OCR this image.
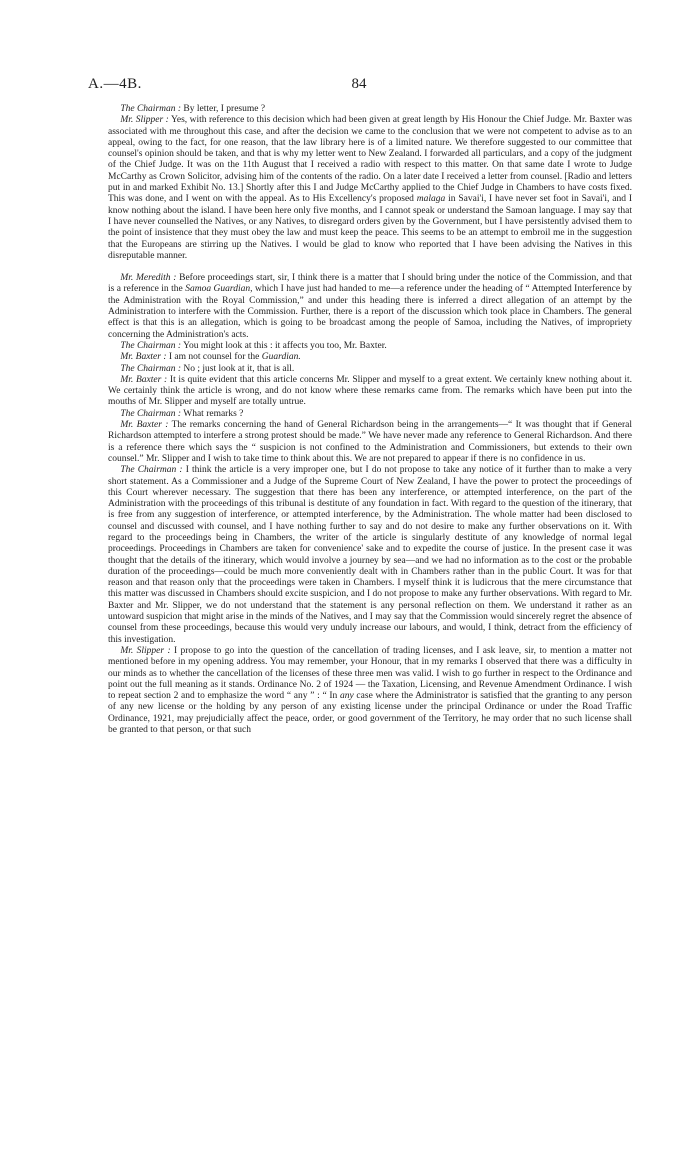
A.—4B.	84

The Chairman : By letter, I presume ?

Mr. Slipper : Yes, with reference to this decision which had been given at great length by His Honour the Chief Judge. Mr. Baxter was associated with me throughout this case, and after the decision we came to the conclusion that we were not competent to advise as to an appeal, owing to the fact, for one reason, that the law library here is of a limited nature. We therefore suggested to our committee that counsel's opinion should be taken, and that is why my letter went to New Zealand. I forwarded all particulars, and a copy of the judgment of the Chief Judge. It was on the 11th August that I received a radio with respect to this matter. On that same date I wrote to Judge McCarthy as Crown Solicitor, advising him of the contents of the radio. On a later date I received a letter from counsel. [Radio and letters put in and marked Exhibit No. 13.] Shortly after this I and Judge McCarthy applied to the Chief Judge in Chambers to have costs fixed. This was done, and I went on with the appeal. As to His Excellency's proposed malaga in Savai'i, I have never set foot in Savai'i, and I know nothing about the island. I have been here only five months, and I cannot speak or understand the Samoan language. I may say that I have never counselled the Natives, or any Natives, to disregard orders given by the Government, but I have persistently advised them to the point of insistence that they must obey the law and must keep the peace. This seems to be an attempt to embroil me in the suggestion that the Europeans are stirring up the Natives. I would be glad to know who reported that I have been advising the Natives in this disreputable manner.

Mr. Meredith : Before proceedings start, sir, I think there is a matter that I should bring under the notice of the Commission, and that is a reference in the Samoa Guardian, which I have just had handed to me—a reference under the heading of “ Attempted Interference by the Administration with the Royal Commission,” and under this heading there is inferred a direct allegation of an attempt by the Administration to interfere with the Commission. Further, there is a report of the discussion which took place in Chambers. The general effect is that this is an allegation, which is going to be broadcast among the people of Samoa, including the Natives, of impropriety concerning the Administration's acts.

The Chairman : You might look at this : it affects you too, Mr. Baxter.

Mr. Baxter : I am not counsel for the Guardian.

The Chairman : No ; just look at it, that is all.

Mr. Baxter : It is quite evident that this article concerns Mr. Slipper and myself to a great extent. We certainly knew nothing about it. We certainly think the article is wrong, and do not know where these remarks came from. The remarks which have been put into the mouths of Mr. Slipper and myself are totally untrue.

The Chairman : What remarks ?

Mr. Baxter : The remarks concerning the hand of General Richardson being in the arrangements—“ It was thought that if General Richardson attempted to interfere a strong protest should be made.” We have never made any reference to General Richardson. And there is a reference there which says the “ suspicion is not confined to the Administration and Commissioners, but extends to their own counsel.” Mr. Slipper and I wish to take time to think about this. We are not prepared to appear if there is no confidence in us.

The Chairman : I think the article is a very improper one, but I do not propose to take any notice of it further than to make a very short statement. As a Commissioner and a Judge of the Supreme Court of New Zealand, I have the power to protect the proceedings of this Court wherever necessary. The suggestion that there has been any interference, or attempted interference, on the part of the Administration with the proceedings of this tribunal is destitute of any foundation in fact. With regard to the question of the itinerary, that is free from any suggestion of interference, or attempted interference, by the Administration. The whole matter had been disclosed to counsel and discussed with counsel, and I have nothing further to say and do not desire to make any further observations on it. With regard to the proceedings being in Chambers, the writer of the article is singularly destitute of any knowledge of normal legal proceedings. Proceedings in Chambers are taken for convenience' sake and to expedite the course of justice. In the present case it was thought that the details of the itinerary, which would involve a journey by sea—and we had no information as to the cost or the probable duration of the proceedings—could be much more conveniently dealt with in Chambers rather than in the public Court. It was for that reason and that reason only that the proceedings were taken in Chambers. I myself think it is ludicrous that the mere circumstance that this matter was discussed in Chambers should excite suspicion, and I do not propose to make any further observations. With regard to Mr. Baxter and Mr. Slipper, we do not understand that the statement is any personal reflection on them. We understand it rather as an untoward suspicion that might arise in the minds of the Natives, and I may say that the Commission would sincerely regret the absence of counsel from these proceedings, because this would very unduly increase our labours, and would, I think, detract from the efficiency of this investigation.

Mr. Slipper : I propose to go into the question of the cancellation of trading licenses, and I ask leave, sir, to mention a matter not mentioned before in my opening address. You may remember, your Honour, that in my remarks I observed that there was a difficulty in our minds as to whether the cancellation of the licenses of these three men was valid. I wish to go further in respect to the Ordinance and point out the full meaning as it stands. Ordinance No. 2 of 1924 — the Taxation, Licensing, and Revenue Amendment Ordinance. I wish to repeat section 2 and to emphasize the word “ any ” : “ In any case where the Administrator is satisfied that the granting to any person of any new license or the holding by any person of any existing license under the principal Ordinance or under the Road Traffic Ordinance, 1921, may prejudicially affect the peace, order, or good government of the Territory, he may order that no such license shall be granted to that person, or that such
